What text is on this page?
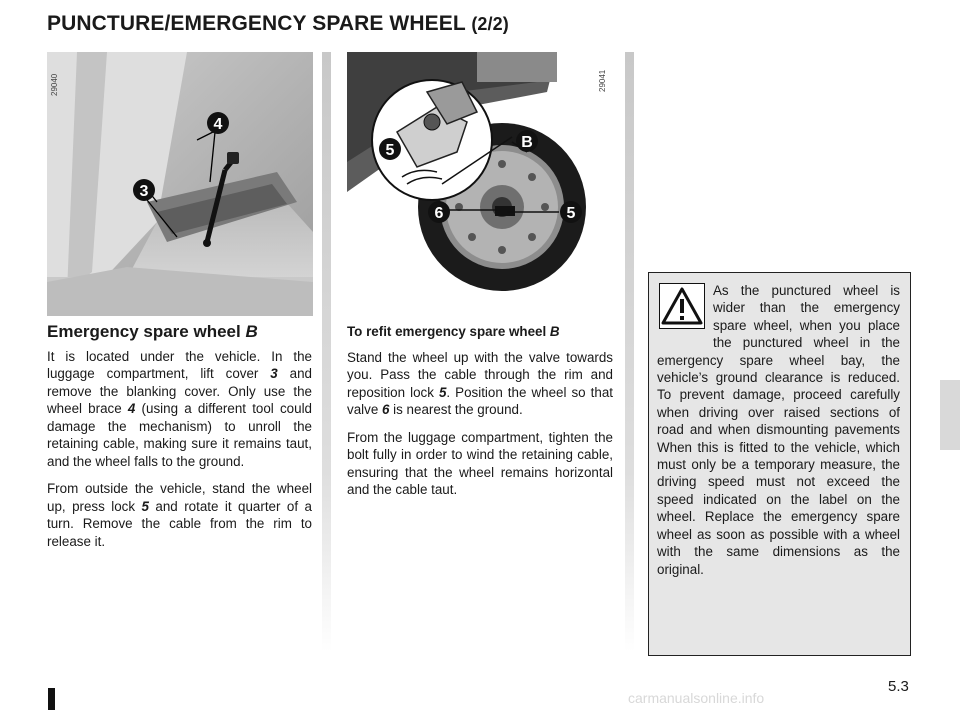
PUNCTURE/EMERGENCY SPARE WHEEL (2/2)
4
3
29040
5	B
6	5
29041
Emergency spare wheel B

It is located under the vehicle. In the luggage compartment, lift cover 3 and remove the blanking cover. Only use the wheel brace 4 (using a different tool could damage the mechanism) to unroll the retaining cable, making sure it remains taut, and the wheel falls to the ground.

From outside the vehicle, stand the wheel up, press lock 5 and rotate it quarter of a turn. Remove the cable from the rim to release it.

To refit emergency spare wheel B

Stand the wheel up with the valve towards you. Pass the cable through the rim and reposition lock 5. Position the wheel so that valve 6 is nearest the ground.

From the luggage compartment, tighten the bolt fully in order to wind the retaining cable, ensuring that the wheel remains horizontal and the cable taut.

As the punctured wheel is wider than the emergency spare wheel, when you place the punctured wheel in the emergency spare wheel bay, the vehicle’s ground clearance is reduced. To prevent damage, proceed carefully when driving over raised sections of road and when dismounting pavements When this is fitted to the vehicle, which must only be a temporary measure, the driving speed must not exceed the speed indicated on the label on the wheel. Replace the emergency spare wheel as soon as possible with a wheel with the same dimensions as the original.
5.3
carmanualsonline.info
